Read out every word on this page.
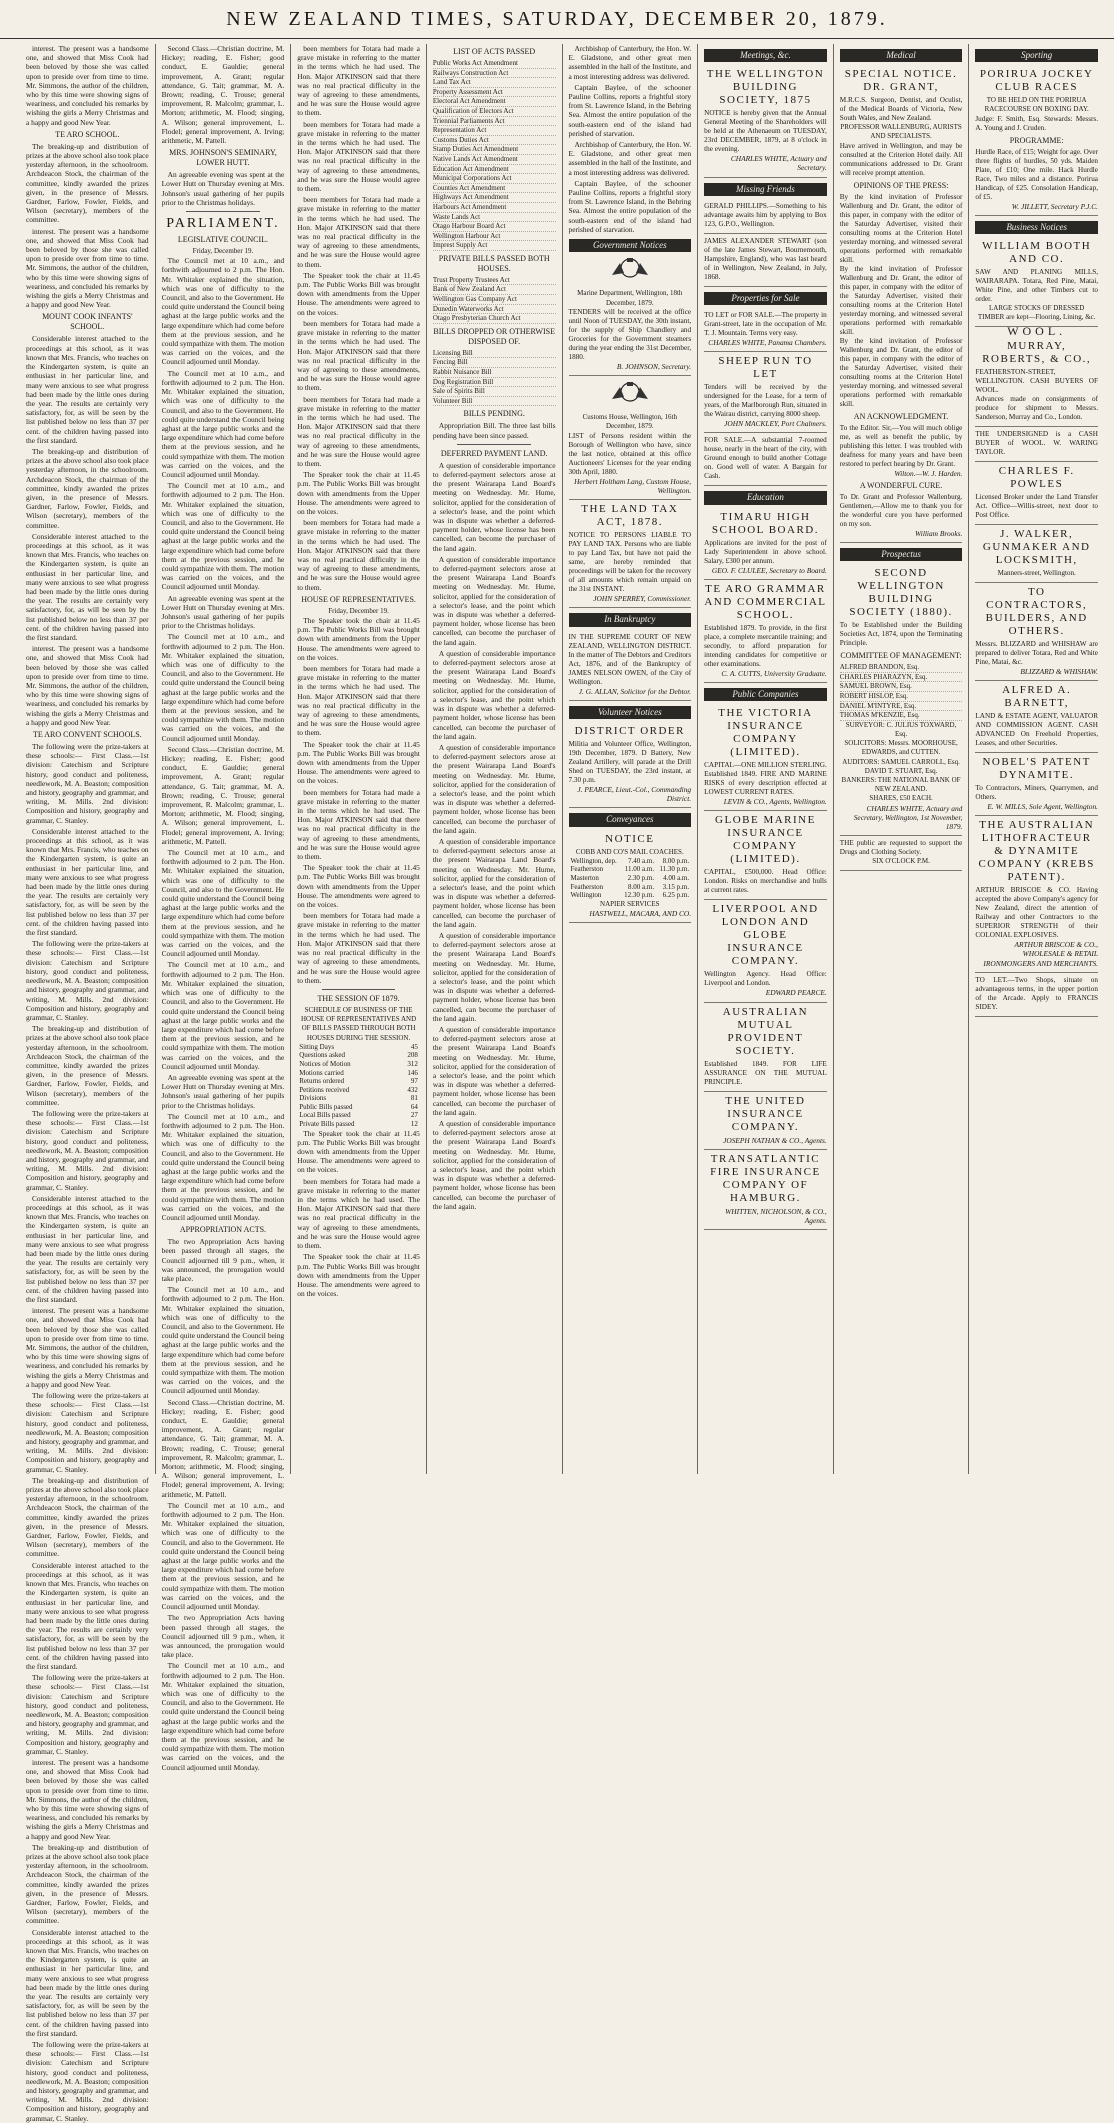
NEW ZEALAND TIMES, SATURDAY, DECEMBER 20, 1879.

interest. The present was a handsome one, and showed that Miss Cook had been beloved by those she was called upon to preside over from time to time. Mr. Simmons, the author of the children, who by this time were showing signs of weariness, and concluded his remarks by wishing the girls a Merry Christmas and a happy and good New Year.

TE ARO SCHOOL.

The breaking-up and distribution of prizes at the above school also took place yesterday afternoon, in the schoolroom. Archdeacon Stock, the chairman of the committee, kindly awarded the prizes given, in the presence of Messrs. Gardner, Farlow, Fowler, Fields, and Wilson (secretary), members of the committee.

interest. The present was a handsome one, and showed that Miss Cook had been beloved by those she was called upon to preside over from time to time. Mr. Simmons, the author of the children, who by this time were showing signs of weariness, and concluded his remarks by wishing the girls a Merry Christmas and a happy and good New Year.

MOUNT COOK INFANTS' SCHOOL.

Considerable interest attached to the proceedings at this school, as it was known that Mrs. Francis, who teaches on the Kindergarten system, is quite an enthusiast in her particular line, and many were anxious to see what progress had been made by the little ones during the year. The results are certainly very satisfactory, for, as will be seen by the list published below no less than 37 per cent. of the children having passed into the first standard.

The breaking-up and distribution of prizes at the above school also took place yesterday afternoon, in the schoolroom. Archdeacon Stock, the chairman of the committee, kindly awarded the prizes given, in the presence of Messrs. Gardner, Farlow, Fowler, Fields, and Wilson (secretary), members of the committee.

Considerable interest attached to the proceedings at this school, as it was known that Mrs. Francis, who teaches on the Kindergarten system, is quite an enthusiast in her particular line, and many were anxious to see what progress had been made by the little ones during the year. The results are certainly very satisfactory, for, as will be seen by the list published below no less than 37 per cent. of the children having passed into the first standard.

interest. The present was a handsome one, and showed that Miss Cook had been beloved by those she was called upon to preside over from time to time. Mr. Simmons, the author of the children, who by this time were showing signs of weariness, and concluded his remarks by wishing the girls a Merry Christmas and a happy and good New Year.

TE ARO CONVENT SCHOOLS.

The following were the prize-takers at these schools:— First Class.—1st division: Catechism and Scripture history, good conduct and politeness, needlework, M. A. Beaston; composition and history, geography and grammar, and writing, M. Mills. 2nd division: Composition and history, geography and grammar, C. Stanley.

Considerable interest attached to the proceedings at this school, as it was known that Mrs. Francis, who teaches on the Kindergarten system, is quite an enthusiast in her particular line, and many were anxious to see what progress had been made by the little ones during the year. The results are certainly very satisfactory, for, as will be seen by the list published below no less than 37 per cent. of the children having passed into the first standard.

The following were the prize-takers at these schools:— First Class.—1st division: Catechism and Scripture history, good conduct and politeness, needlework, M. A. Beaston; composition and history, geography and grammar, and writing, M. Mills. 2nd division: Composition and history, geography and grammar, C. Stanley.

The breaking-up and distribution of prizes at the above school also took place yesterday afternoon, in the schoolroom. Archdeacon Stock, the chairman of the committee, kindly awarded the prizes given, in the presence of Messrs. Gardner, Farlow, Fowler, Fields, and Wilson (secretary), members of the committee.

The following were the prize-takers at these schools:— First Class.—1st division: Catechism and Scripture history, good conduct and politeness, needlework, M. A. Beaston; composition and history, geography and grammar, and writing, M. Mills. 2nd division: Composition and history, geography and grammar, C. Stanley.

Considerable interest attached to the proceedings at this school, as it was known that Mrs. Francis, who teaches on the Kindergarten system, is quite an enthusiast in her particular line, and many were anxious to see what progress had been made by the little ones during the year. The results are certainly very satisfactory, for, as will be seen by the list published below no less than 37 per cent. of the children having passed into the first standard.

interest. The present was a handsome one, and showed that Miss Cook had been beloved by those she was called upon to preside over from time to time. Mr. Simmons, the author of the children, who by this time were showing signs of weariness, and concluded his remarks by wishing the girls a Merry Christmas and a happy and good New Year.

The following were the prize-takers at these schools:— First Class.—1st division: Catechism and Scripture history, good conduct and politeness, needlework, M. A. Beaston; composition and history, geography and grammar, and writing, M. Mills. 2nd division: Composition and history, geography and grammar, C. Stanley.

The breaking-up and distribution of prizes at the above school also took place yesterday afternoon, in the schoolroom. Archdeacon Stock, the chairman of the committee, kindly awarded the prizes given, in the presence of Messrs. Gardner, Farlow, Fowler, Fields, and Wilson (secretary), members of the committee.

Considerable interest attached to the proceedings at this school, as it was known that Mrs. Francis, who teaches on the Kindergarten system, is quite an enthusiast in her particular line, and many were anxious to see what progress had been made by the little ones during the year. The results are certainly very satisfactory, for, as will be seen by the list published below no less than 37 per cent. of the children having passed into the first standard.

The following were the prize-takers at these schools:— First Class.—1st division: Catechism and Scripture history, good conduct and politeness, needlework, M. A. Beaston; composition and history, geography and grammar, and writing, M. Mills. 2nd division: Composition and history, geography and grammar, C. Stanley.

interest. The present was a handsome one, and showed that Miss Cook had been beloved by those she was called upon to preside over from time to time. Mr. Simmons, the author of the children, who by this time were showing signs of weariness, and concluded his remarks by wishing the girls a Merry Christmas and a happy and good New Year.

The breaking-up and distribution of prizes at the above school also took place yesterday afternoon, in the schoolroom. Archdeacon Stock, the chairman of the committee, kindly awarded the prizes given, in the presence of Messrs. Gardner, Farlow, Fowler, Fields, and Wilson (secretary), members of the committee.

Considerable interest attached to the proceedings at this school, as it was known that Mrs. Francis, who teaches on the Kindergarten system, is quite an enthusiast in her particular line, and many were anxious to see what progress had been made by the little ones during the year. The results are certainly very satisfactory, for, as will be seen by the list published below no less than 37 per cent. of the children having passed into the first standard.

The following were the prize-takers at these schools:— First Class.—1st division: Catechism and Scripture history, good conduct and politeness, needlework, M. A. Beaston; composition and history, geography and grammar, and writing, M. Mills. 2nd division: Composition and history, geography and grammar, C. Stanley.

Second Class.—Christian doctrine, M. Hickey; reading, E. Fisher; good conduct, E. Gauldie; general improvement, A. Grant; regular attendance, G. Tait; grammar, M. A. Brown; reading, C. Trouse; general improvement, R. Malcolm; grammar, L. Morton; arithmetic, M. Flood; singing, A. Wilson; general improvement, L. Flodel; general improvement, A. Irving; arithmetic, M. Pattell.

MRS. JOHNSON'S SEMINARY, LOWER HUTT.

An agreeable evening was spent at the Lower Hutt on Thursday evening at Mrs. Johnson's usual gathering of her pupils prior to the Christmas holidays.

PARLIAMENT.
LEGISLATIVE COUNCIL.
Friday, December 19.

The Council met at 10 a.m., and forthwith adjourned to 2 p.m. The Hon. Mr. Whitaker explained the situation, which was one of difficulty to the Council, and also to the Government. He could quite understand the Council being aghast at the large public works and the large expenditure which had come before them at the previous session, and he could sympathize with them. The motion was carried on the voices, and the Council adjourned until Monday.

The Council met at 10 a.m., and forthwith adjourned to 2 p.m. The Hon. Mr. Whitaker explained the situation, which was one of difficulty to the Council, and also to the Government. He could quite understand the Council being aghast at the large public works and the large expenditure which had come before them at the previous session, and he could sympathize with them. The motion was carried on the voices, and the Council adjourned until Monday.

The Council met at 10 a.m., and forthwith adjourned to 2 p.m. The Hon. Mr. Whitaker explained the situation, which was one of difficulty to the Council, and also to the Government. He could quite understand the Council being aghast at the large public works and the large expenditure which had come before them at the previous session, and he could sympathize with them. The motion was carried on the voices, and the Council adjourned until Monday.

An agreeable evening was spent at the Lower Hutt on Thursday evening at Mrs. Johnson's usual gathering of her pupils prior to the Christmas holidays.

The Council met at 10 a.m., and forthwith adjourned to 2 p.m. The Hon. Mr. Whitaker explained the situation, which was one of difficulty to the Council, and also to the Government. He could quite understand the Council being aghast at the large public works and the large expenditure which had come before them at the previous session, and he could sympathize with them. The motion was carried on the voices, and the Council adjourned until Monday.

Second Class.—Christian doctrine, M. Hickey; reading, E. Fisher; good conduct, E. Gauldie; general improvement, A. Grant; regular attendance, G. Tait; grammar, M. A. Brown; reading, C. Trouse; general improvement, R. Malcolm; grammar, L. Morton; arithmetic, M. Flood; singing, A. Wilson; general improvement, L. Flodel; general improvement, A. Irving; arithmetic, M. Pattell.

The Council met at 10 a.m., and forthwith adjourned to 2 p.m. The Hon. Mr. Whitaker explained the situation, which was one of difficulty to the Council, and also to the Government. He could quite understand the Council being aghast at the large public works and the large expenditure which had come before them at the previous session, and he could sympathize with them. The motion was carried on the voices, and the Council adjourned until Monday.

The Council met at 10 a.m., and forthwith adjourned to 2 p.m. The Hon. Mr. Whitaker explained the situation, which was one of difficulty to the Council, and also to the Government. He could quite understand the Council being aghast at the large public works and the large expenditure which had come before them at the previous session, and he could sympathize with them. The motion was carried on the voices, and the Council adjourned until Monday.

An agreeable evening was spent at the Lower Hutt on Thursday evening at Mrs. Johnson's usual gathering of her pupils prior to the Christmas holidays.

The Council met at 10 a.m., and forthwith adjourned to 2 p.m. The Hon. Mr. Whitaker explained the situation, which was one of difficulty to the Council, and also to the Government. He could quite understand the Council being aghast at the large public works and the large expenditure which had come before them at the previous session, and he could sympathize with them. The motion was carried on the voices, and the Council adjourned until Monday.

APPROPRIATION ACTS.

The two Appropriation Acts having been passed through all stages, the Council adjourned till 9 p.m., when, it was announced, the prorogation would take place.

The Council met at 10 a.m., and forthwith adjourned to 2 p.m. The Hon. Mr. Whitaker explained the situation, which was one of difficulty to the Council, and also to the Government. He could quite understand the Council being aghast at the large public works and the large expenditure which had come before them at the previous session, and he could sympathize with them. The motion was carried on the voices, and the Council adjourned until Monday.

Second Class.—Christian doctrine, M. Hickey; reading, E. Fisher; good conduct, E. Gauldie; general improvement, A. Grant; regular attendance, G. Tait; grammar, M. A. Brown; reading, C. Trouse; general improvement, R. Malcolm; grammar, L. Morton; arithmetic, M. Flood; singing, A. Wilson; general improvement, L. Flodel; general improvement, A. Irving; arithmetic, M. Pattell.

The Council met at 10 a.m., and forthwith adjourned to 2 p.m. The Hon. Mr. Whitaker explained the situation, which was one of difficulty to the Council, and also to the Government. He could quite understand the Council being aghast at the large public works and the large expenditure which had come before them at the previous session, and he could sympathize with them. The motion was carried on the voices, and the Council adjourned until Monday.

The two Appropriation Acts having been passed through all stages, the Council adjourned till 9 p.m., when, it was announced, the prorogation would take place.

The Council met at 10 a.m., and forthwith adjourned to 2 p.m. The Hon. Mr. Whitaker explained the situation, which was one of difficulty to the Council, and also to the Government. He could quite understand the Council being aghast at the large public works and the large expenditure which had come before them at the previous session, and he could sympathize with them. The motion was carried on the voices, and the Council adjourned until Monday.

been members for Totara had made a grave mistake in referring to the matter in the terms which he had used. The Hon. Major ATKINSON said that there was no real practical difficulty in the way of agreeing to these amendments, and he was sure the House would agree to them.

been members for Totara had made a grave mistake in referring to the matter in the terms which he had used. The Hon. Major ATKINSON said that there was no real practical difficulty in the way of agreeing to these amendments, and he was sure the House would agree to them.

been members for Totara had made a grave mistake in referring to the matter in the terms which he had used. The Hon. Major ATKINSON said that there was no real practical difficulty in the way of agreeing to these amendments, and he was sure the House would agree to them.

The Speaker took the chair at 11.45 p.m. The Public Works Bill was brought down with amendments from the Upper House. The amendments were agreed to on the voices.

been members for Totara had made a grave mistake in referring to the matter in the terms which he had used. The Hon. Major ATKINSON said that there was no real practical difficulty in the way of agreeing to these amendments, and he was sure the House would agree to them.

been members for Totara had made a grave mistake in referring to the matter in the terms which he had used. The Hon. Major ATKINSON said that there was no real practical difficulty in the way of agreeing to these amendments, and he was sure the House would agree to them.

The Speaker took the chair at 11.45 p.m. The Public Works Bill was brought down with amendments from the Upper House. The amendments were agreed to on the voices.

been members for Totara had made a grave mistake in referring to the matter in the terms which he had used. The Hon. Major ATKINSON said that there was no real practical difficulty in the way of agreeing to these amendments, and he was sure the House would agree to them.

HOUSE OF REPRESENTATIVES.
Friday, December 19.

The Speaker took the chair at 11.45 p.m. The Public Works Bill was brought down with amendments from the Upper House. The amendments were agreed to on the voices.

been members for Totara had made a grave mistake in referring to the matter in the terms which he had used. The Hon. Major ATKINSON said that there was no real practical difficulty in the way of agreeing to these amendments, and he was sure the House would agree to them.

The Speaker took the chair at 11.45 p.m. The Public Works Bill was brought down with amendments from the Upper House. The amendments were agreed to on the voices.

been members for Totara had made a grave mistake in referring to the matter in the terms which he had used. The Hon. Major ATKINSON said that there was no real practical difficulty in the way of agreeing to these amendments, and he was sure the House would agree to them.

The Speaker took the chair at 11.45 p.m. The Public Works Bill was brought down with amendments from the Upper House. The amendments were agreed to on the voices.

been members for Totara had made a grave mistake in referring to the matter in the terms which he had used. The Hon. Major ATKINSON said that there was no real practical difficulty in the way of agreeing to these amendments, and he was sure the House would agree to them.

THE SESSION OF 1879.
SCHEDULE OF BUSINESS OF THE HOUSE OF REPRESENTATIVES AND OF BILLS PASSED THROUGH BOTH HOUSES DURING THE SESSION.
Sitting Days	45
Questions asked	208
Notices of Motion	312
Motions carried	146
Returns ordered	97
Petitions received	432
Divisions	81
Public Bills passed	64
Local Bills passed	27
Private Bills passed	12

The Speaker took the chair at 11.45 p.m. The Public Works Bill was brought down with amendments from the Upper House. The amendments were agreed to on the voices.

been members for Totara had made a grave mistake in referring to the matter in the terms which he had used. The Hon. Major ATKINSON said that there was no real practical difficulty in the way of agreeing to these amendments, and he was sure the House would agree to them.

The Speaker took the chair at 11.45 p.m. The Public Works Bill was brought down with amendments from the Upper House. The amendments were agreed to on the voices.

LIST OF ACTS PASSED
Public Works Act Amendment
Railways Construction Act
Land Tax Act
Property Assessment Act
Electoral Act Amendment
Qualification of Electors Act
Triennial Parliaments Act
Representation Act
Customs Duties Act
Stamp Duties Act Amendment
Native Lands Act Amendment
Education Act Amendment
Municipal Corporations Act
Counties Act Amendment
Highways Act Amendment
Harbours Act Amendment
Waste Lands Act
Otago Harbour Board Act
Wellington Harbour Act
Imprest Supply Act
PRIVATE BILLS PASSED BOTH HOUSES.
Trust Property Trustees Act
Bank of New Zealand Act
Wellington Gas Company Act
Dunedin Waterworks Act
Otago Presbyterian Church Act
BILLS DROPPED OR OTHERWISE DISPOSED OF.
Licensing Bill
Fencing Bill
Rabbit Nuisance Bill
Dog Registration Bill
Sale of Spirits Bill
Volunteer Bill
BILLS PENDING.

Appropriation Bill. The three last bills pending have been since passed.

DEFERRED PAYMENT LAND.

A question of considerable importance to deferred-payment selectors arose at the present Wairarapa Land Board's meeting on Wednesday. Mr. Hume, solicitor, applied for the consideration of a selector's lease, and the point which was in dispute was whether a deferred-payment holder, whose license has been cancelled, can become the purchaser of the land again.

A question of considerable importance to deferred-payment selectors arose at the present Wairarapa Land Board's meeting on Wednesday. Mr. Hume, solicitor, applied for the consideration of a selector's lease, and the point which was in dispute was whether a deferred-payment holder, whose license has been cancelled, can become the purchaser of the land again.

A question of considerable importance to deferred-payment selectors arose at the present Wairarapa Land Board's meeting on Wednesday. Mr. Hume, solicitor, applied for the consideration of a selector's lease, and the point which was in dispute was whether a deferred-payment holder, whose license has been cancelled, can become the purchaser of the land again.

A question of considerable importance to deferred-payment selectors arose at the present Wairarapa Land Board's meeting on Wednesday. Mr. Hume, solicitor, applied for the consideration of a selector's lease, and the point which was in dispute was whether a deferred-payment holder, whose license has been cancelled, can become the purchaser of the land again.

A question of considerable importance to deferred-payment selectors arose at the present Wairarapa Land Board's meeting on Wednesday. Mr. Hume, solicitor, applied for the consideration of a selector's lease, and the point which was in dispute was whether a deferred-payment holder, whose license has been cancelled, can become the purchaser of the land again.

A question of considerable importance to deferred-payment selectors arose at the present Wairarapa Land Board's meeting on Wednesday. Mr. Hume, solicitor, applied for the consideration of a selector's lease, and the point which was in dispute was whether a deferred-payment holder, whose license has been cancelled, can become the purchaser of the land again.

A question of considerable importance to deferred-payment selectors arose at the present Wairarapa Land Board's meeting on Wednesday. Mr. Hume, solicitor, applied for the consideration of a selector's lease, and the point which was in dispute was whether a deferred-payment holder, whose license has been cancelled, can become the purchaser of the land again.

A question of considerable importance to deferred-payment selectors arose at the present Wairarapa Land Board's meeting on Wednesday. Mr. Hume, solicitor, applied for the consideration of a selector's lease, and the point which was in dispute was whether a deferred-payment holder, whose license has been cancelled, can become the purchaser of the land again.

Archbishop of Canterbury, the Hon. W. E. Gladstone, and other great men assembled in the hall of the Institute, and a most interesting address was delivered.

Captain Baylee, of the schooner Pauline Collins, reports a frightful story from St. Lawrence Island, in the Behring Sea. Almost the entire population of the south-eastern end of the island had perished of starvation.

Archbishop of Canterbury, the Hon. W. E. Gladstone, and other great men assembled in the hall of the Institute, and a most interesting address was delivered.

Captain Baylee, of the schooner Pauline Collins, reports a frightful story from St. Lawrence Island, in the Behring Sea. Almost the entire population of the south-eastern end of the island had perished of starvation.

Government Notices
Marine Department, Wellington, 18th December, 1879.
TENDERS will be received at the office until Noon of TUESDAY, the 30th instant, for the supply of Ship Chandlery and Groceries for the Government steamers during the year ending the 31st December, 1880.
B. JOHNSON, Secretary.
Customs House, Wellington, 16th December, 1879.
LIST of Persons resident within the Borough of Wellington who have, since the last notice, obtained at this office Auctioneers' Licenses for the year ending 30th April, 1880.
Herbert Holtham Lang, Custom House, Wellington.
THE LAND TAX ACT, 1878.
NOTICE TO PERSONS LIABLE TO PAY LAND TAX. Persons who are liable to pay Land Tax, but have not paid the same, are hereby reminded that proceedings will be taken for the recovery of all amounts which remain unpaid on the 31st INSTANT.
JOHN SPERREY, Commissioner.
In Bankruptcy
IN THE SUPREME COURT OF NEW ZEALAND, WELLINGTON DISTRICT. In the matter of The Debtors and Creditors Act, 1876, and of the Bankruptcy of JAMES NELSON OWEN, of the City of Wellington.
J. G. ALLAN, Solicitor for the Debtor.
Volunteer Notices
DISTRICT ORDER
Militia and Volunteer Office, Wellington, 19th December, 1879. D Battery, New Zealand Artillery, will parade at the Drill Shed on TUESDAY, the 23rd instant, at 7.30 p.m.
J. PEARCE, Lieut.-Col., Commanding District.
Conveyances
NOTICE
COBB AND CO'S MAIL COACHES.
Wellington, dep.	7.40 a.m.	8.00 p.m.
Featherston	11.00 a.m.	11.30 p.m.
Masterton	2.30 p.m.	4.00 a.m.
Featherston	8.00 a.m.	3.15 p.m.
Wellington	12.30 p.m.	6.25 p.m.
NAPIER SERVICES
HASTWELL, MACARA, AND CO.
Meetings, &c.
THE WELLINGTON BUILDING SOCIETY, 1875
NOTICE is hereby given that the Annual General Meeting of the Shareholders will be held at the Athenaeum on TUESDAY, 23rd DECEMBER, 1879, at 8 o'clock in the evening.
CHARLES WHITE, Actuary and Secretary.
Missing Friends
GERALD PHILLIPS.—Something to his advantage awaits him by applying to Box 123, G.P.O., Wellington.
JAMES ALEXANDER STEWART (son of the late James Stewart, Bournemouth, Hampshire, England), who was last heard of in Wellington, New Zealand, in July, 1868.
Properties for Sale
TO LET or FOR SALE.—The property in Grant-street, late in the occupation of Mr. T. J. Mountain. Terms very easy.
CHARLES WHITE, Panama Chambers.
SHEEP RUN TO LET
Tenders will be received by the undersigned for the Lease, for a term of years, of the Marlborough Run, situated in the Wairau district, carrying 8000 sheep.
JOHN MACKLEY, Port Chalmers.
FOR SALE.—A substantial 7-roomed house, nearly in the heart of the city, with Ground enough to build another Cottage on. Good well of water. A Bargain for Cash.
Education
TIMARU HIGH SCHOOL BOARD.
Applications are invited for the post of Lady Superintendent in above school. Salary, £300 per annum.
GEO. F. CLULEE, Secretary to Board.
TE ARO GRAMMAR AND COMMERCIAL SCHOOL.
Established 1879. To provide, in the first place, a complete mercantile training; and secondly, to afford preparation for intending candidates for competitive or other examinations.
C. A. CUTTS, University Graduate.
Public Companies
THE VICTORIA INSURANCE COMPANY (LIMITED).
CAPITAL—ONE MILLION STERLING. Established 1849. FIRE AND MARINE RISKS of every description effected at LOWEST CURRENT RATES.
LEVIN & CO., Agents, Wellington.
GLOBE MARINE INSURANCE COMPANY (LIMITED).
CAPITAL, £500,000. Head Office: London. Risks on merchandise and hulls at current rates.
LIVERPOOL AND LONDON AND GLOBE INSURANCE COMPANY.
Wellington Agency. Head Office: Liverpool and London.
EDWARD PEARCE.
AUSTRALIAN MUTUAL PROVIDENT SOCIETY.
Established 1849. FOR LIFE ASSURANCE ON THE MUTUAL PRINCIPLE.
THE UNITED INSURANCE COMPANY.
JOSEPH NATHAN & CO., Agents.
TRANSATLANTIC FIRE INSURANCE COMPANY OF HAMBURG.
WHITTEN, NICHOLSON, & CO., Agents.
Medical
SPECIAL NOTICE. DR. GRANT,
M.R.C.S. Surgeon, Dentist, and Oculist, of the Medical Boards of Victoria, New South Wales, and New Zealand.
PROFESSOR WALLENBURG, AURISTS AND SPECIALISTS.
Have arrived in Wellington, and may be consulted at the Criterion Hotel daily. All communications addressed to Dr. Grant will receive prompt attention.
OPINIONS OF THE PRESS:
By the kind invitation of Professor Wallenburg and Dr. Grant, the editor of this paper, in company with the editor of the Saturday Advertiser, visited their consulting rooms at the Criterion Hotel yesterday morning, and witnessed several operations performed with remarkable skill.
By the kind invitation of Professor Wallenburg and Dr. Grant, the editor of this paper, in company with the editor of the Saturday Advertiser, visited their consulting rooms at the Criterion Hotel yesterday morning, and witnessed several operations performed with remarkable skill.
By the kind invitation of Professor Wallenburg and Dr. Grant, the editor of this paper, in company with the editor of the Saturday Advertiser, visited their consulting rooms at the Criterion Hotel yesterday morning, and witnessed several operations performed with remarkable skill.
AN ACKNOWLEDGMENT.
To the Editor. Sir,—You will much oblige me, as well as benefit the public, by publishing this letter. I was troubled with deafness for many years and have been restored to perfect hearing by Dr. Grant.
Wilton.—W. J. Harden.
A WONDERFUL CURE.
To Dr. Grant and Professor Wallenburg. Gentlemen,—Allow me to thank you for the wonderful cure you have performed on my son.
William Brooks.
Prospectus
SECOND WELLINGTON BUILDING SOCIETY (1880).
To be Established under the Building Societies Act, 1874, upon the Terminating Principle.
COMMITTEE OF MANAGEMENT:
ALFRED BRANDON, Esq.
CHARLES PHARAZYN, Esq.
SAMUEL BROWN, Esq.
ROBERT HISLOP, Esq.
DANIEL M'INTYRE, Esq.
THOMAS M'KENZIE, Esq.
SURVEYOR: C. JULIUS TOXWARD, Esq.
SOLICITORS: Messrs. MOORHOUSE, EDWARDS, and CUTTEN.
AUDITORS: SAMUEL CARROLL, Esq. DAVID T. STUART, Esq.
BANKERS: THE NATIONAL BANK OF NEW ZEALAND.
SHARES, £50 EACH.
CHARLES WHITE, Actuary and Secretary, Wellington, 1st November, 1879.
THE public are requested to support the Drugs and Clothing Society.
SIX O'CLOCK P.M.
Sporting
PORIRUA JOCKEY CLUB RACES
TO BE HELD ON THE PORIRUA RACECOURSE ON BOXING DAY.
Judge: F. Smith, Esq. Stewards: Messrs. A. Young and J. Cruden.
PROGRAMME:
Hurdle Race, of £15; Weight for age. Over three flights of hurdles, 50 yds. Maiden Plate, of £10; One mile. Hack Hurdle Race, Two miles and a distance. Porirua Handicap, of £25. Consolation Handicap, of £5.
W. JILLETT, Secretary P.J.C.
Business Notices
WILLIAM BOOTH AND CO.
SAW AND PLANING MILLS, WAIRARAPA. Totara, Red Pine, Matai, White Pine, and other Timbers cut to order.
LARGE STOCKS OF DRESSED TIMBER are kept—Flooring, Lining, &c.
WOOL.
MURRAY, ROBERTS, & CO.,
FEATHERSTON-STREET, WELLINGTON. CASH BUYERS OF WOOL.
Advances made on consignments of produce for shipment to Messrs. Sanderson, Murray and Co., London.
THE UNDERSIGNED is a CASH BUYER of WOOL. W. WARING TAYLOR.
CHARLES F. POWLES
Licensed Broker under the Land Transfer Act. Office—Willis-street, next door to Post Office.
J. WALKER, GUNMAKER AND LOCKSMITH,
Manners-street, Wellington.
TO CONTRACTORS, BUILDERS, AND OTHERS.
Messrs. BLIZZARD and WHISHAW are prepared to deliver Totara, Red and White Pine, Matai, &c.
BLIZZARD & WHISHAW.
ALFRED A. BARNETT,
LAND & ESTATE AGENT, VALUATOR AND COMMISSION AGENT. CASH ADVANCED On Freehold Properties, Leases, and other Securities.
NOBEL'S PATENT DYNAMITE.
To Contractors, Miners, Quarrymen, and Others.
E. W. MILLS, Sole Agent, Wellington.
THE AUSTRALIAN LITHOFRACTEUR & DYNAMITE COMPANY (KREBS PATENT).
ARTHUR BRISCOE & CO. Having accepted the above Company's agency for New Zealand, direct the attention of Railway and other Contractors to the SUPERIOR STRENGTH of their COLONIAL EXPLOSIVES.
ARTHUR BRISCOE & CO., WHOLESALE & RETAIL IRONMONGERS AND MERCHANTS.
TO LET.—Two Shops, situate on advantageous terms, in the upper portion of the Arcade. Apply to FRANCIS SIDEY.
